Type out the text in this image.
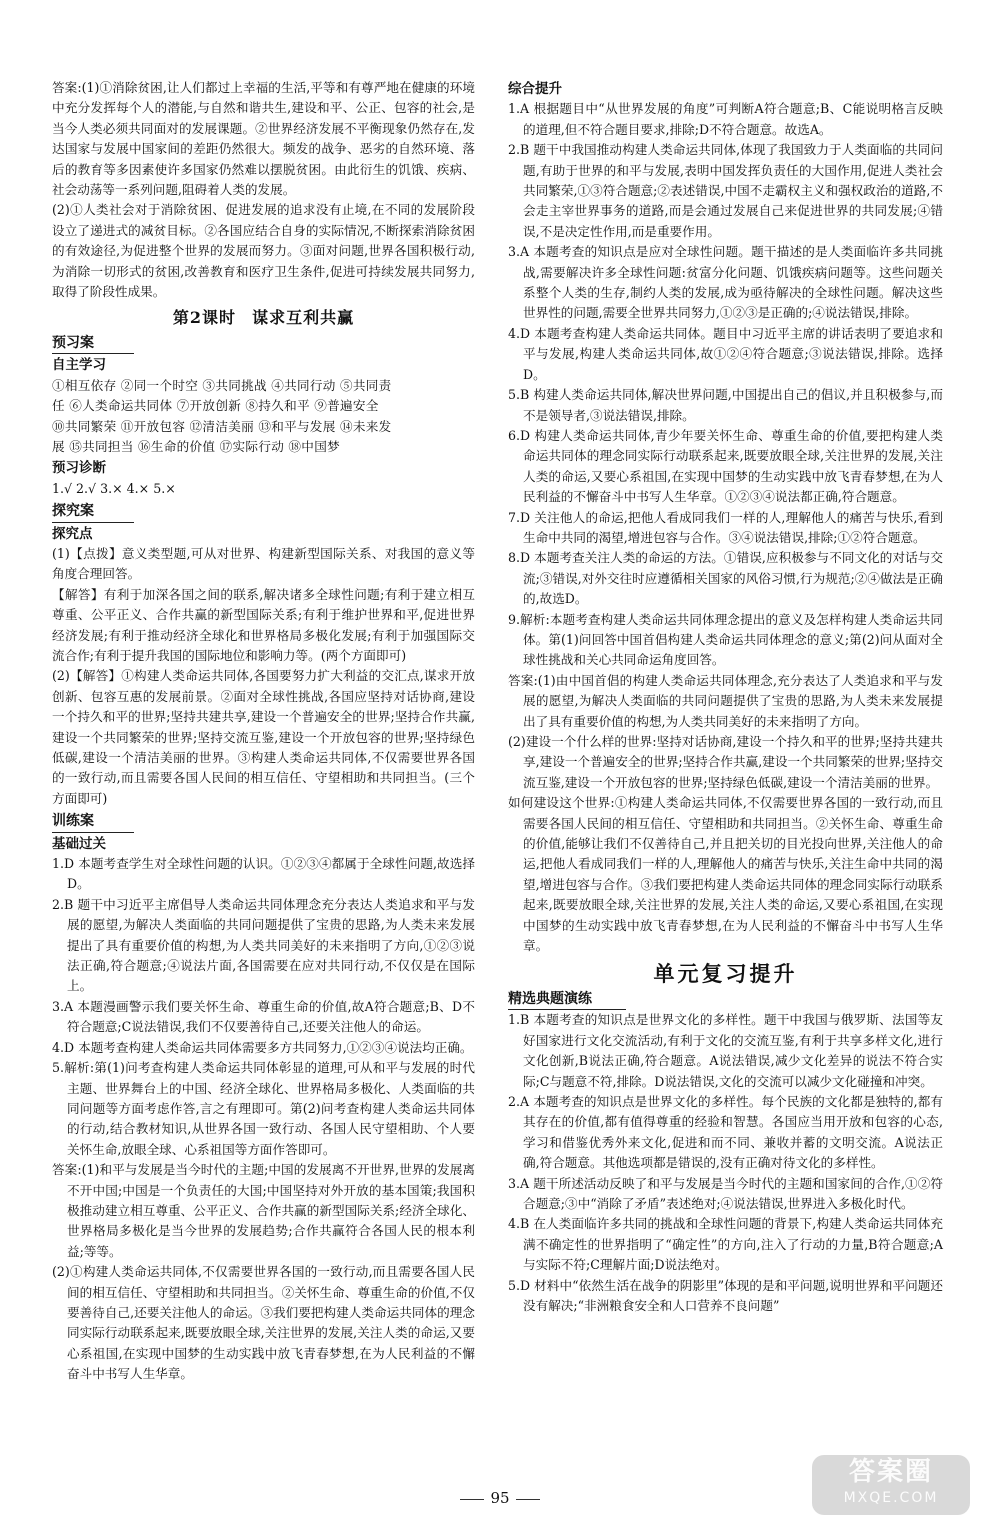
答案:(1)①消除贫困,让人们都过上幸福的生活,平等和有尊严地在健康的环境中充分发挥每个人的潜能,与自然和谐共生,建设和平、公正、包容的社会,是当今人类必须共同面对的发展课题。②世界经济发展不平衡现象仍然存在,发达国家与发展中国家间的差距仍然很大。频发的战争、恶劣的自然环境、落后的教育等多因素使许多国家仍然难以摆脱贫困。由此衍生的饥饿、疾病、社会动荡等一系列问题,阻碍着人类的发展。

(2)①人类社会对于消除贫困、促进发展的追求没有止境,在不同的发展阶段设立了递进式的减贫目标。②各国应结合自身的实际情况,不断探索消除贫困的有效途径,为促进整个世界的发展而努力。③面对问题,世界各国积极行动,为消除一切形式的贫困,改善教育和医疗卫生条件,促进可持续发展共同努力,取得了阶段性成果。

第2课时 谋求互利共赢
预习案
自主学习

①相互依存 ②同一个时空 ③共同挑战 ④共同行动 ⑤共同责

任 ⑥人类命运共同体 ⑦开放创新 ⑧持久和平 ⑨普遍安全

⑩共同繁荣 ⑪开放包容 ⑫清洁美丽 ⑬和平与发展 ⑭未来发

展 ⑮共同担当 ⑯生命的价值 ⑰实际行动 ⑱中国梦

预习诊断

1.√ 2.√ 3.× 4.× 5.×

探究案
探究点

(1)【点拨】意义类型题,可从对世界、构建新型国际关系、对我国的意义等角度合理回答。

【解答】有利于加深各国之间的联系,解决诸多全球性问题;有利于建立相互尊重、公平正义、合作共赢的新型国际关系;有利于维护世界和平,促进世界经济发展;有利于推动经济全球化和世界格局多极化发展;有利于加强国际交流合作;有利于提升我国的国际地位和影响力等。(两个方面即可)

(2)【解答】①构建人类命运共同体,各国要努力扩大利益的交汇点,谋求开放创新、包容互惠的发展前景。②面对全球性挑战,各国应坚持对话协商,建设一个持久和平的世界;坚持共建共享,建设一个普遍安全的世界;坚持合作共赢,建设一个共同繁荣的世界;坚持交流互鉴,建设一个开放包容的世界;坚持绿色低碳,建设一个清洁美丽的世界。③构建人类命运共同体,不仅需要世界各国的一致行动,而且需要各国人民间的相互信任、守望相助和共同担当。(三个方面即可)

训练案
基础过关

1.D 本题考查学生对全球性问题的认识。①②③④都属于全球性问题,故选择D。

2.B 题干中习近平主席倡导人类命运共同体理念充分表达人类追求和平与发展的愿望,为解决人类面临的共同问题提供了宝贵的思路,为人类未来发展提出了具有重要价值的构想,为人类共同美好的未来指明了方向,①②③说法正确,符合题意;④说法片面,各国需要在应对共同行动,不仅仅是在国际上。

3.A 本题漫画警示我们要关怀生命、尊重生命的价值,故A符合题意;B、D不符合题意;C说法错误,我们不仅要善待自己,还要关注他人的命运。

4.D 本题考查构建人类命运共同体需要多方共同努力,①②③④说法均正确。

5.解析:第(1)问考查构建人类命运共同体彰显的道理,可从和平与发展的时代主题、世界舞台上的中国、经济全球化、世界格局多极化、人类面临的共同问题等方面考虑作答,言之有理即可。第(2)问考查构建人类命运共同体的行动,结合教材知识,从世界各国一致行动、各国人民守望相助、个人要关怀生命,放眼全球、心系祖国等方面作答即可。

答案:(1)和平与发展是当今时代的主题;中国的发展离不开世界,世界的发展离不开中国;中国是一个负责任的大国;中国坚持对外开放的基本国策;我国积极推动建立相互尊重、公平正义、合作共赢的新型国际关系;经济全球化、世界格局多极化是当今世界的发展趋势;合作共赢符合各国人民的根本利益;等等。

(2)①构建人类命运共同体,不仅需要世界各国的一致行动,而且需要各国人民间的相互信任、守望相助和共同担当。②关怀生命、尊重生命的价值,不仅要善待自己,还要关注他人的命运。③我们要把构建人类命运共同体的理念同实际行动联系起来,既要放眼全球,关注世界的发展,关注人类的命运,又要心系祖国,在实现中国梦的生动实践中放飞青春梦想,在为人民利益的不懈奋斗中书写人生华章。

综合提升

1.A 根据题目中“从世界发展的角度”可判断A符合题意;B、C能说明格言反映的道理,但不符合题目要求,排除;D不符合题意。故选A。

2.B 题干中我国推动构建人类命运共同体,体现了我国致力于人类面临的共同问题,有助于世界的和平与发展,表明中国发挥负责任的大国作用,促进人类社会共同繁荣,①③符合题意;②表述错误,中国不走霸权主义和强权政治的道路,不会走主宰世界事务的道路,而是会通过发展自己来促进世界的共同发展;④错误,不是决定性作用,而是重要作用。

3.A 本题考查的知识点是应对全球性问题。题干描述的是人类面临许多共同挑战,需要解决许多全球性问题:贫富分化问题、饥饿疾病问题等。这些问题关系整个人类的生存,制约人类的发展,成为亟待解决的全球性问题。解决这些世界性的问题,需要全世界共同努力,①②③是正确的;④说法错误,排除。

4.D 本题考查构建人类命运共同体。题目中习近平主席的讲话表明了要追求和平与发展,构建人类命运共同体,故①②④符合题意;③说法错误,排除。选择D。

5.B 构建人类命运共同体,解决世界问题,中国提出自己的倡议,并且积极参与,而不是领导者,③说法错误,排除。

6.D 构建人类命运共同体,青少年要关怀生命、尊重生命的价值,要把构建人类命运共同体的理念同实际行动联系起来,既要放眼全球,关注世界的发展,关注人类的命运,又要心系祖国,在实现中国梦的生动实践中放飞青春梦想,在为人民利益的不懈奋斗中书写人生华章。①②③④说法都正确,符合题意。

7.D 关注他人的命运,把他人看成同我们一样的人,理解他人的痛苦与快乐,看到生命中共同的渴望,增进包容与合作。③④说法错误,排除;①②符合题意。

8.D 本题考查关注人类的命运的方法。①错误,应积极参与不同文化的对话与交流;③错误,对外交往时应遵循相关国家的风俗习惯,行为规范;②④做法是正确的,故选D。

9.解析:本题考查构建人类命运共同体理念提出的意义及怎样构建人类命运共同体。第(1)问回答中国首倡构建人类命运共同体理念的意义;第(2)问从面对全球性挑战和关心共同命运角度回答。

答案:(1)由中国首倡的构建人类命运共同体理念,充分表达了人类追求和平与发展的愿望,为解决人类面临的共同问题提供了宝贵的思路,为人类未来发展提出了具有重要价值的构想,为人类共同美好的未来指明了方向。

(2)建设一个什么样的世界:坚持对话协商,建设一个持久和平的世界;坚持共建共享,建设一个普遍安全的世界;坚持合作共赢,建设一个共同繁荣的世界;坚持交流互鉴,建设一个开放包容的世界;坚持绿色低碳,建设一个清洁美丽的世界。

如何建设这个世界:①构建人类命运共同体,不仅需要世界各国的一致行动,而且需要各国人民间的相互信任、守望相助和共同担当。②关怀生命、尊重生命的价值,能够让我们不仅善待自己,并且把关切的目光投向世界,关注他人的命运,把他人看成同我们一样的人,理解他人的痛苦与快乐,关注生命中共同的渴望,增进包容与合作。③我们要把构建人类命运共同体的理念同实际行动联系起来,既要放眼全球,关注世界的发展,关注人类的命运,又要心系祖国,在实现中国梦的生动实践中放飞青春梦想,在为人民利益的不懈奋斗中书写人生华章。

单元复习提升
精选典题演练

1.B 本题考查的知识点是世界文化的多样性。题干中我国与俄罗斯、法国等友好国家进行文化交流活动,有利于文化的交流互鉴,有利于共享多样文化,进行文化创新,B说法正确,符合题意。A说法错误,减少文化差异的说法不符合实际;C与题意不符,排除。D说法错误,文化的交流可以减少文化碰撞和冲突。

2.A 本题考查的知识点是世界文化的多样性。每个民族的文化都是独特的,都有其存在的价值,都有值得尊重的经验和智慧。各国应当用开放和包容的心态,学习和借鉴优秀外来文化,促进和而不同、兼收并蓄的文明交流。A说法正确,符合题意。其他选项都是错误的,没有正确对待文化的多样性。

3.A 题干所述活动反映了和平与发展是当今时代的主题和国家间的合作,①②符合题意;③中“消除了矛盾”表述绝对;④说法错误,世界进入多极化时代。

4.B 在人类面临许多共同的挑战和全球性问题的背景下,构建人类命运共同体充满不确定性的世界指明了“确定性”的方向,注入了行动的力量,B符合题意;A与实际不符;C理解片面;D说法绝对。

5.D 材料中“依然生活在战争的阴影里”体现的是和平问题,说明世界和平问题还没有解决;“非洲粮食安全和人口营养不良问题”

95
答案圈
MXQE.COM
